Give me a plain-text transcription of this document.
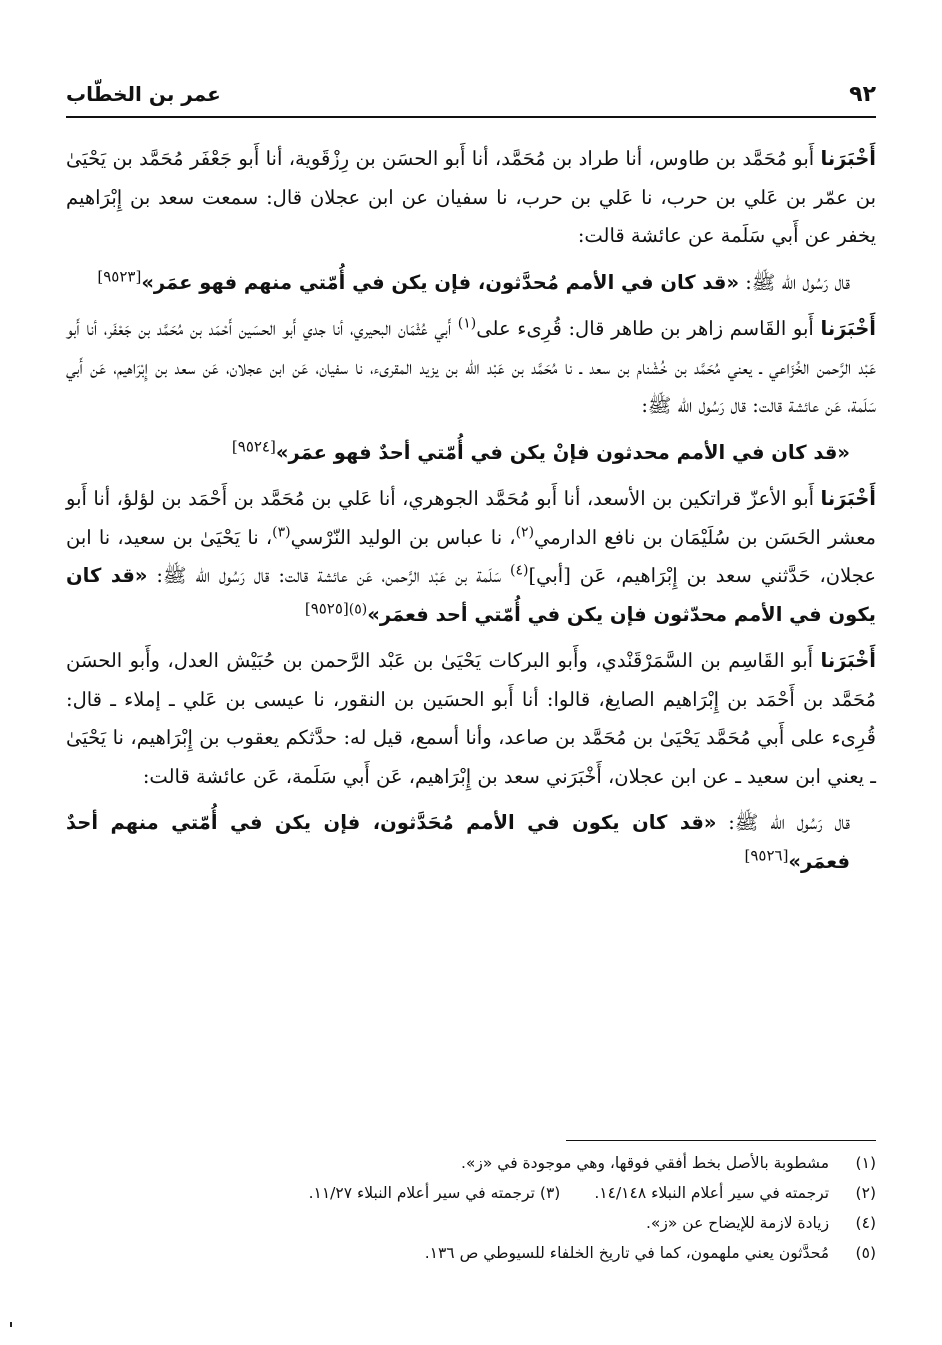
٩٢
عمر بن الخطّاب

أَخْبَرَنا أَبو مُحَمَّد بن طاوس، أنا طراد بن مُحَمَّد، أنا أَبو الحسَن بن رِزْقَوية، أنا أَبو جَعْفَر مُحَمَّد بن يَحْيَىٰ بن عمّر بن عَلي بن حرب، نا عَلي بن حرب، نا سفيان عن ابن عجلان قال: سمعت سعد بن إِبْرَاهيم يخفر عن أَبي سَلَمة عن عائشة قالت:

قال رَسُول الله ﷺ: «قد كان في الأمم مُحدَّثون، فإن يكن في أُمّتي منهم فهو عمَر»[٩٥٢٣]

أَخْبَرَنا أَبو القَاسم زاهر بن طاهر قال: قُرِىء على$^{(١)}$ أَبي عُثْمَان البحيري، أنا جدي أَبو الحسَين أَحْمَد بن مُحَمَّد بن جَعْفَر، أنا أَبو عَبْد الرَّحمن الخُزَاعي ـ يعني مُحَمَّد بن خُشْنام بن سعد ـ نا مُحَمَّد بن عَبْد الله بن يزيد المقرىء، نا سفيان، عَن ابن عجلان، عَن سعد بن إِبْرَاهيم، عَن أَبي سَلَمة، عَن عائشة قالت: قال رَسُول الله ﷺ:

«قد كان في الأمم محدثون فإنْ يكن في أُمّتي أحدٌ فهو عمَر»[٩٥٢٤]

أَخْبَرَنا أَبو الأعزّ قراتكين بن الأسعد، أنا أَبو مُحَمَّد الجوهري، أنا عَلي بن مُحَمَّد بن أَحْمَد بن لؤلؤ، أنا أَبو معشر الحَسَن بن سُلَيْمَان بن نافع الدارمي$^{(٢)}$، نا عباس بن الوليد النّرْسي$^{(٣)}$، نا يَحْيَىٰ بن سعيد، نا ابن عجلان، حَدَّثني سعد بن إِبْرَاهيم، عَن [أبي]$^{(٤)}$ سَلَمة بن عَبْد الرَّحمن، عَن عائشة قالت: قال رَسُول الله ﷺ: «قد كان يكون في الأمم محدّثون فإن يكن في أُمّتي أحد فعمَر»$^{(٥)[٩٥٢٥]}$

أَخْبَرَنا أَبو القَاسِم بن السَّمَرْقَنْدي، وأَبو البركات يَحْيَىٰ بن عَبْد الرَّحمن بن حُبَيْش العدل، وأَبو الحسَن مُحَمَّد بن أَحْمَد بن إِبْرَاهيم الصايغ، قالوا: أنا أَبو الحسَين بن النقور، نا عيسى بن عَلي ـ إملاء ـ قال: قُرِىء على أَبي مُحَمَّد يَحْيَىٰ بن مُحَمَّد بن صاعد، وأنا أسمع، قيل له: حدَّثكم يعقوب بن إِبْرَاهيم، نا يَحْيَىٰ ـ يعني ابن سعيد ـ عن ابن عجلان، أَخْبَرَني سعد بن إِبْرَاهيم، عَن أَبي سَلَمة، عَن عائشة قالت:

قال رَسُول الله ﷺ: «قد كان يكون في الأمم مُحَدَّثون، فإن يكن في أُمّتي منهم أحدٌ فعمَر»[٩٥٢٦]

(١) مشطوبة بالأصل بخط أفقي فوقها، وهي موجودة في «ز».
(٢) ترجمته في سير أعلام النبلاء ١٤/١٤٨.
(٣) ترجمته في سير أعلام النبلاء ١١/٢٧.
(٤) زيادة لازمة للإيضاح عن «ز».
(٥) مُحدَّثون يعني ملهمون، كما في تاريخ الخلفاء للسيوطي ص ١٣٦.
